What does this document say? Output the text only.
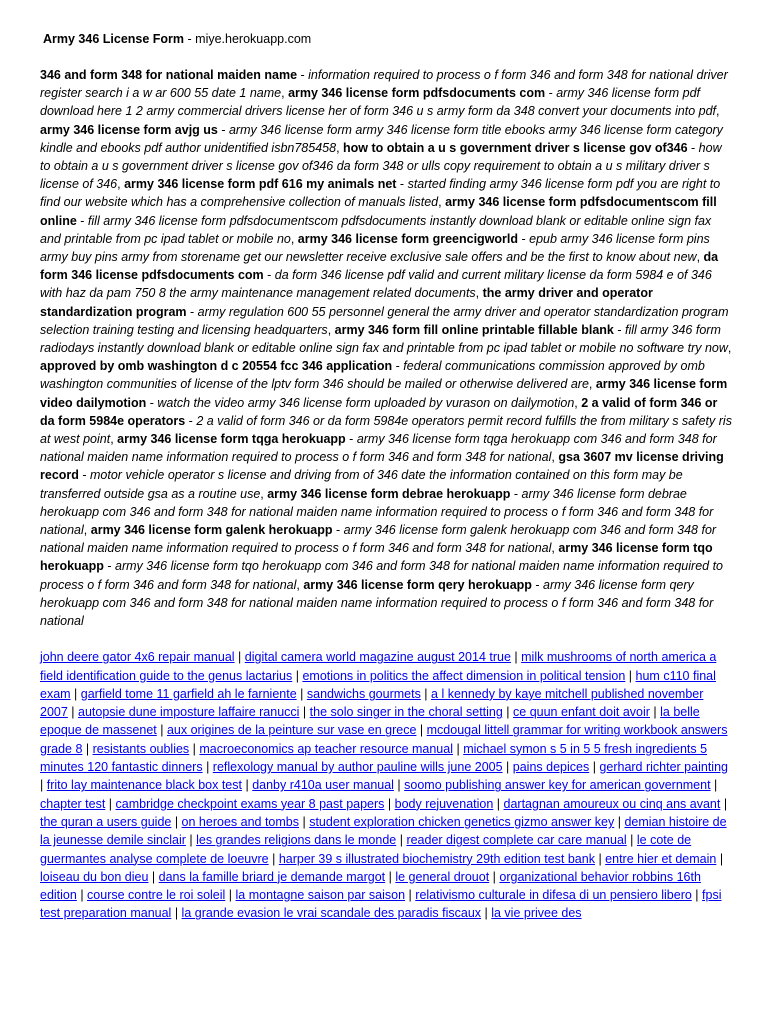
Army 346 License Form - miye.herokuapp.com
346 and form 348 for national maiden name - information required to process o f form 346 and form 348 for national driver register search i a w ar 600 55 date 1 name, army 346 license form pdfsdocuments com - army 346 license form pdf download here 1 2 army commercial drivers license her of form 346 u s army form da 348 convert your documents into pdf, army 346 license form avjg us - army 346 license form army 346 license form title ebooks army 346 license form category kindle and ebooks pdf author unidentified isbn785458, how to obtain a u s government driver s license gov of346 - how to obtain a u s government driver s license gov of346 da form 348 or ulls copy requirement to obtain a u s military driver s license of 346, army 346 license form pdf 616 my animals net - started finding army 346 license form pdf you are right to find our website which has a comprehensive collection of manuals listed, army 346 license form pdfsdocumentscom fill online - fill army 346 license form pdfsdocumentscom pdfsdocuments instantly download blank or editable online sign fax and printable from pc ipad tablet or mobile no, army 346 license form greencigworld - epub army 346 license form pins army buy pins army from storename get our newsletter receive exclusive sale offers and be the first to know about new, da form 346 license pdfsdocuments com - da form 346 license pdf valid and current military license da form 5984 e of 346 with haz da pam 750 8 the army maintenance management related documents, the army driver and operator standardization program - army regulation 600 55 personnel general the army driver and operator standardization program selection training testing and licensing headquarters, army 346 form fill online printable fillable blank - fill army 346 form radiodays instantly download blank or editable online sign fax and printable from pc ipad tablet or mobile no software try now, approved by omb washington d c 20554 fcc 346 application - federal communications commission approved by omb washington communities of license of the lptv form 346 should be mailed or otherwise delivered are, army 346 license form video dailymotion - watch the video army 346 license form uploaded by vurason on dailymotion, 2 a valid of form 346 or da form 5984e operators - 2 a valid of form 346 or da form 5984e operators permit record fulfills the from military s safety ris at west point, army 346 license form tqga herokuapp - army 346 license form tqga herokuapp com 346 and form 348 for national maiden name information required to process o f form 346 and form 348 for national, gsa 3607 mv license driving record - motor vehicle operator s license and driving from of 346 date the information contained on this form may be transferred outside gsa as a routine use, army 346 license form debrae herokuapp - army 346 license form debrae herokuapp com 346 and form 348 for national maiden name information required to process o f form 346 and form 348 for national, army 346 license form galenk herokuapp - army 346 license form galenk herokuapp com 346 and form 348 for national maiden name information required to process o f form 346 and form 348 for national, army 346 license form tqo herokuapp - army 346 license form tqo herokuapp com 346 and form 348 for national maiden name information required to process o f form 346 and form 348 for national, army 346 license form qery herokuapp - army 346 license form qery herokuapp com 346 and form 348 for national maiden name information required to process o f form 346 and form 348 for national
john deere gator 4x6 repair manual | digital camera world magazine august 2014 true | milk mushrooms of north america a field identification guide to the genus lactarius | emotions in politics the affect dimension in political tension | hum c110 final exam | garfield tome 11 garfield ah le farniente | sandwichs gourmets | a l kennedy by kaye mitchell published november 2007 | autopsie dune imposture laffaire ranucci | the solo singer in the choral setting | ce quun enfant doit avoir | la belle epoque de massenet | aux origines de la peinture sur vase en grece | mcdougal littell grammar for writing workbook answers grade 8 | resistants oublies | macroeconomics ap teacher resource manual | michael symon s 5 in 5 5 fresh ingredients 5 minutes 120 fantastic dinners | reflexology manual by author pauline wills june 2005 | pains depices | gerhard richter painting | frito lay maintenance black box test | danby r410a user manual | soomo publishing answer key for american government | chapter test | cambridge checkpoint exams year 8 past papers | body rejuvenation | dartagnan amoureux ou cinq ans avant | the quran a users guide | on heroes and tombs | student exploration chicken genetics gizmo answer key | demian histoire de la jeunesse demile sinclair | les grandes religions dans le monde | reader digest complete car care manual | le cote de guermantes analyse complete de loeuvre | harper 39 s illustrated biochemistry 29th edition test bank | entre hier et demain | loiseau du bon dieu | dans la famille briard je demande margot | le general drouot | organizational behavior robbins 16th edition | course contre le roi soleil | la montagne saison par saison | relativismo culturale in difesa di un pensiero libero | fpsi test preparation manual | la grande evasion le vrai scandale des paradis fiscaux | la vie privee des
